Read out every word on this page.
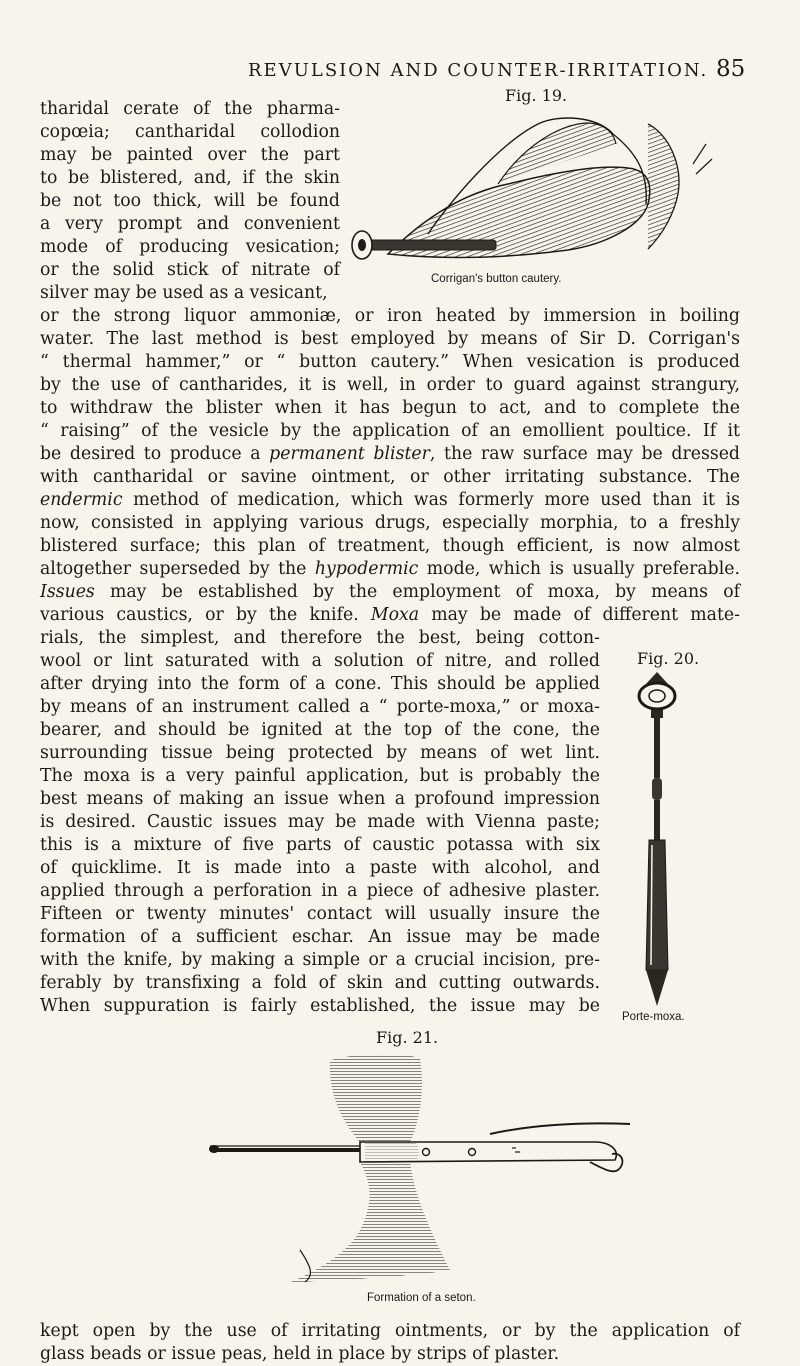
REVULSION AND COUNTER-IRRITATION. 85
Fig. 19.
Corrigan's button cautery.
tharidal cerate of the pharma-
copœia; cantharidal collodion
may be painted over the part
to be blistered, and, if the skin
be not too thick, will be found
a very prompt and convenient
mode of producing vesication;
or the solid stick of nitrate of
silver may be used as a vesicant,
or the strong liquor ammoniæ, or iron heated by immersion in boiling
water. The last method is best employed by means of Sir D. Corrigan's
“ thermal hammer,” or “ button cautery.” When vesication is produced
by the use of cantharides, it is well, in order to guard against strangury,
to withdraw the blister when it has begun to act, and to complete the
“ raising” of the vesicle by the application of an emollient poultice. If it
be desired to produce a permanent blister, the raw surface may be dressed
with cantharidal or savine ointment, or other irritating substance. The
endermic method of medication, which was formerly more used than it is
now, consisted in applying various drugs, especially morphia, to a freshly
blistered surface; this plan of treatment, though efficient, is now almost
altogether superseded by the hypodermic mode, which is usually preferable.
Issues may be established by the employment of moxa, by means of
various caustics, or by the knife. Moxa may be made of different mate-
rials, the simplest, and therefore the best, being cotton-
wool or lint saturated with a solution of nitre, and rolled
after drying into the form of a cone. This should be applied
by means of an instrument called a “ porte-moxa,” or moxa-
bearer, and should be ignited at the top of the cone, the
surrounding tissue being protected by means of wet lint.
The moxa is a very painful application, but is probably the
best means of making an issue when a profound impression
is desired. Caustic issues may be made with Vienna paste;
this is a mixture of five parts of caustic potassa with six
of quicklime. It is made into a paste with alcohol, and
applied through a perforation in a piece of adhesive plaster.
Fifteen or twenty minutes' contact will usually insure the
formation of a sufficient eschar. An issue may be made
with the knife, by making a simple or a crucial incision, pre-
ferably by transfixing a fold of skin and cutting outwards.
When suppuration is fairly established, the issue may be
Fig. 20.
Porte-moxa.
Fig. 21.
Formation of a seton.
kept open by the use of irritating ointments, or by the application of
glass beads or issue peas, held in place by strips of plaster.
